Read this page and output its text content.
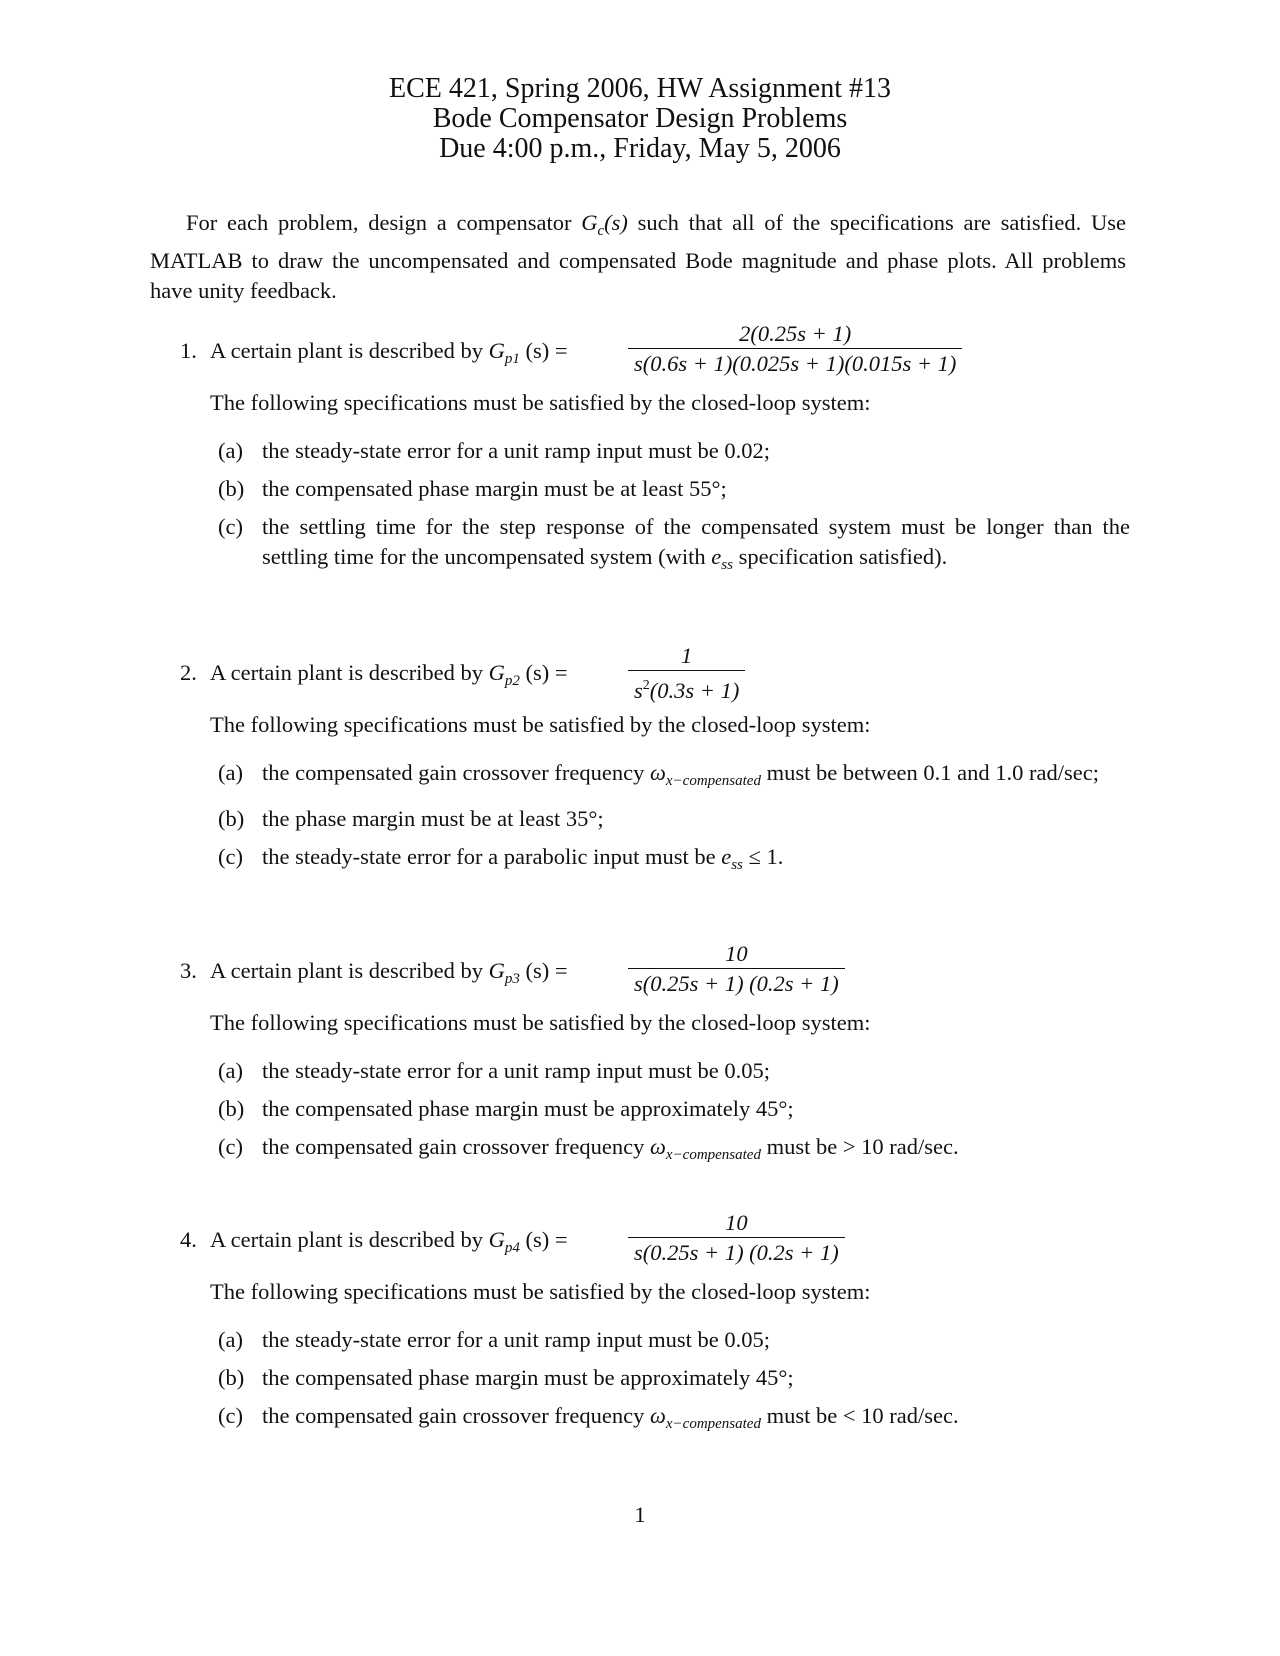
ECE 421, Spring 2006, HW Assignment #13
Bode Compensator Design Problems
Due 4:00 p.m., Friday, May 5, 2006
For each problem, design a compensator $G_c(s)$ such that all of the specifications are satisfied. Use MATLAB to draw the uncompensated and compensated Bode magnitude and phase plots. All problems have unity feedback.
1. A certain plant is described by $G_{p1}$ (s) =	$\frac{2(0.25s + 1)}{s(0.6s + 1)(0.025s + 1)(0.015s + 1)}$
The following specifications must be satisfied by the closed-loop system:
(a) the steady-state error for a unit ramp input must be 0.02;
(b) the compensated phase margin must be at least 55°;
(c) the settling time for the step response of the compensated system must be longer than the settling time for the uncompensated system (with $e_{ss}$ specification satisfied).
2. A certain plant is described by $G_{p2}$ (s) =	$\frac{1}{s^2(0.3s + 1)}$
The following specifications must be satisfied by the closed-loop system:
(a) the compensated gain crossover frequency $\omega_{x-compensated}$ must be between 0.1 and 1.0 rad/sec;
(b) the phase margin must be at least 35°;
(c) the steady-state error for a parabolic input must be $e_{ss} \le 1$.
3. A certain plant is described by $G_{p3}$ (s) =	$\frac{10}{s(0.25s + 1) (0.2s + 1)}$
The following specifications must be satisfied by the closed-loop system:
(a) the steady-state error for a unit ramp input must be 0.05;
(b) the compensated phase margin must be approximately 45°;
(c) the compensated gain crossover frequency $\omega_{x-compensated}$ must be > 10 rad/sec.
4. A certain plant is described by $G_{p4}$ (s) =	$\frac{10}{s(0.25s + 1) (0.2s + 1)}$
The following specifications must be satisfied by the closed-loop system:
(a) the steady-state error for a unit ramp input must be 0.05;
(b) the compensated phase margin must be approximately 45°;
(c) the compensated gain crossover frequency $\omega_{x-compensated}$ must be < 10 rad/sec.
1
